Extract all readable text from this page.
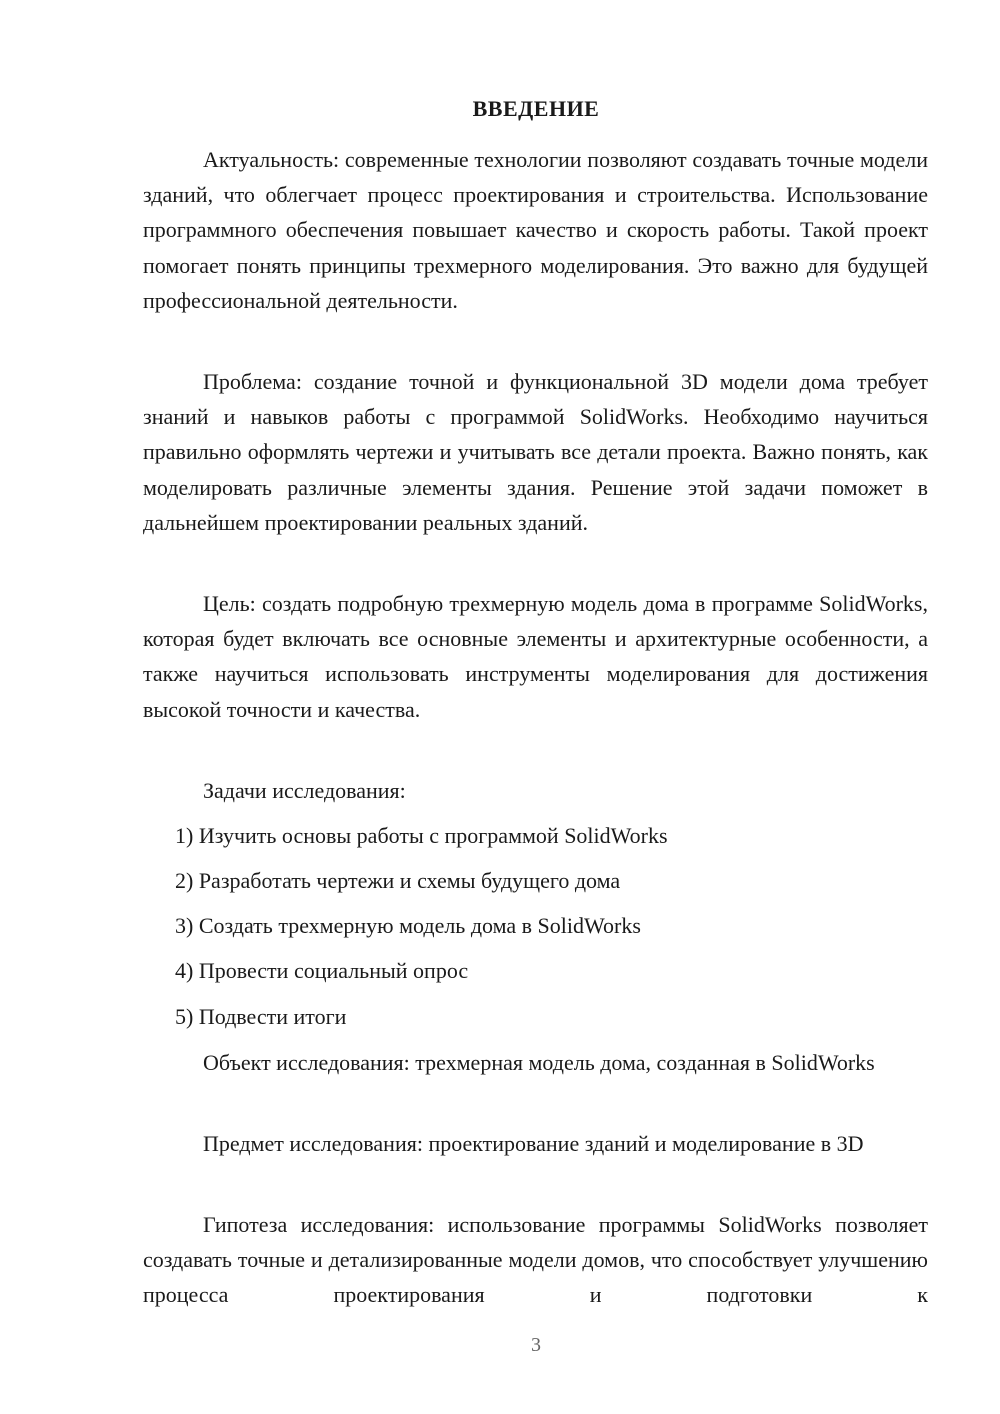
ВВЕДЕНИЕ

Актуальность: современные технологии позволяют создавать точные модели зданий, что облегчает процесс проектирования и строительства. Использование программного обеспечения повышает качество и скорость работы. Такой проект помогает понять принципы трехмерного моделирования. Это важно для будущей профессиональной деятельности.

Проблема: создание точной и функциональной 3D модели дома требует знаний и навыков работы с программой SolidWorks. Необходимо научиться правильно оформлять чертежи и учитывать все детали проекта. Важно понять, как моделировать различные элементы здания. Решение этой задачи поможет в дальнейшем проектировании реальных зданий.

Цель: создать подробную трехмерную модель дома в программе SolidWorks, которая будет включать все основные элементы и архитектурные особенности, а также научиться использовать инструменты моделирования для достижения высокой точности и качества.

Задачи исследования:

1) Изучить основы работы с программой SolidWorks

2) Разработать чертежи и схемы будущего дома

3) Создать трехмерную модель дома в SolidWorks

4) Провести социальный опрос

5) Подвести итоги

Объект исследования: трехмерная модель дома, созданная в SolidWorks

Предмет исследования: проектирование зданий и моделирование в 3D

Гипотеза исследования: использование программы SolidWorks позволяет создавать точные и детализированные модели домов, что способствует улучшению процесса проектирования и подготовки к

3
